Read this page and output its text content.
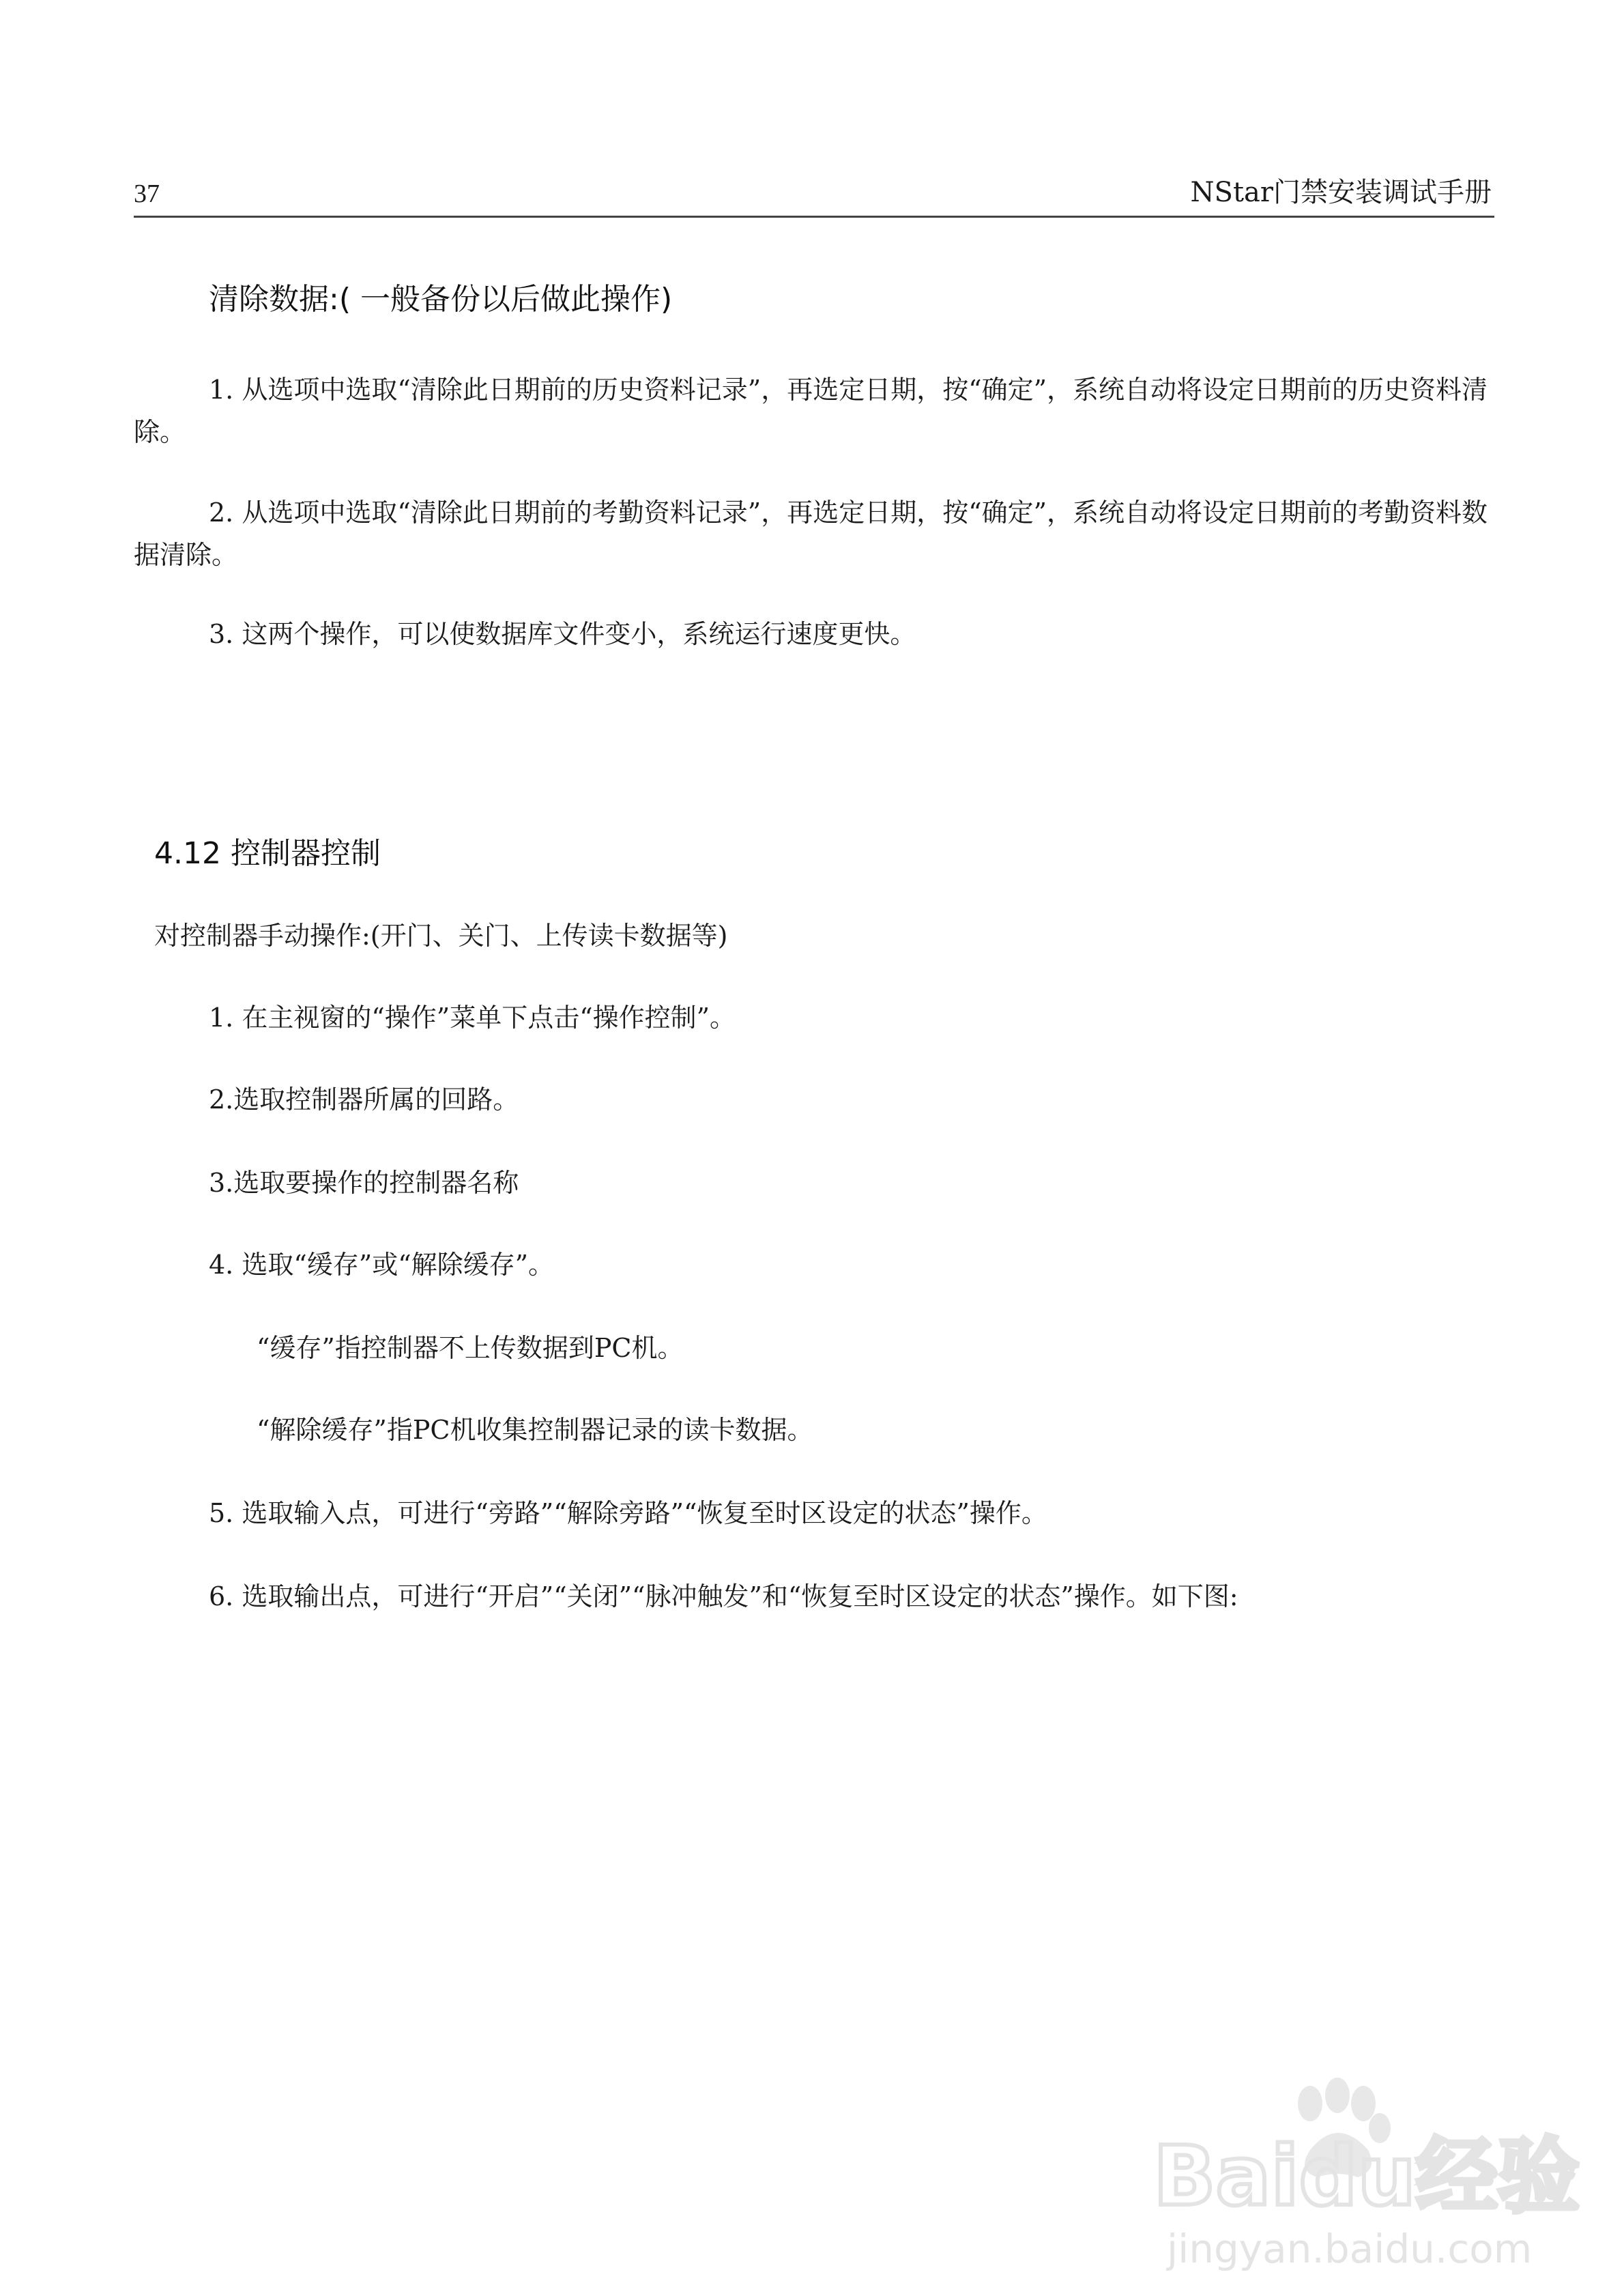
37	NStar门禁安装调试手册
清除数据:( 一般备份以后做此操作)
1. 从选项中选取“清除此日期前的历史资料记录”，再选定日期，按“确定”，系统自动将设定日期前的历史资料清除。
2. 从选项中选取“清除此日期前的考勤资料记录”，再选定日期，按“确定”，系统自动将设定日期前的考勤资料数据清除。
3. 这两个操作，可以使数据库文件变小，系统运行速度更快。
4.12 控制器控制
对控制器手动操作:(开门、关门、上传读卡数据等)
1. 在主视窗的“操作”菜单下点击“操作控制”。
2.选取控制器所属的回路。
3.选取要操作的控制器名称
4. 选取“缓存”或“解除缓存”。
“缓存”指控制器不上传数据到PC机。
“解除缓存”指PC机收集控制器记录的读卡数据。
5. 选取输入点，可进行“旁路”“解除旁路”“恢复至时区设定的状态”操作。
6. 选取输出点，可进行“开启”“关闭”“脉冲触发”和“恢复至时区设定的状态”操作。如下图:
Baidu经验
jingyan.baidu.com
